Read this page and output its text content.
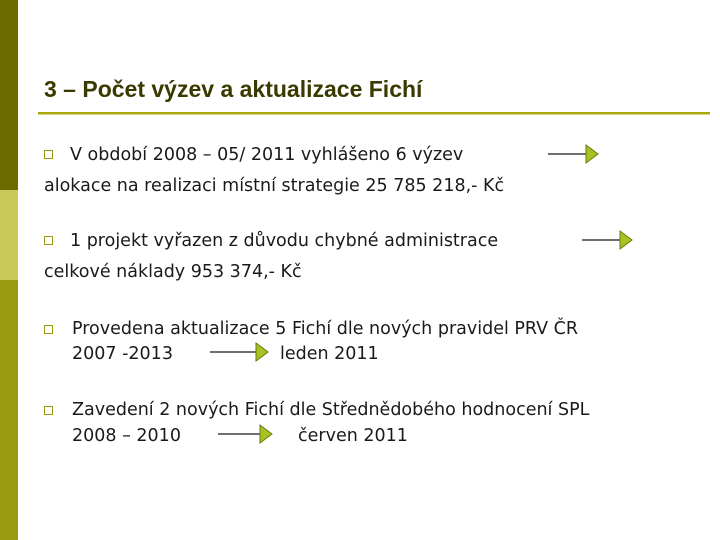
3 – Počet výzev a aktualizace Fichí
V období 2008 – 05/ 2011 vyhlášeno 6 výzev
alokace na realizaci místní strategie 25 785 218,- Kč
1 projekt vyřazen z důvodu chybné administrace
celkové náklady 953 374,- Kč
Provedena aktualizace 5 Fichí dle nových pravidel PRV ČR
2007 -2013	leden 2011
Zavedení 2 nových Fichí dle Střednědobého hodnocení SPL
2008 – 2010	červen 2011
